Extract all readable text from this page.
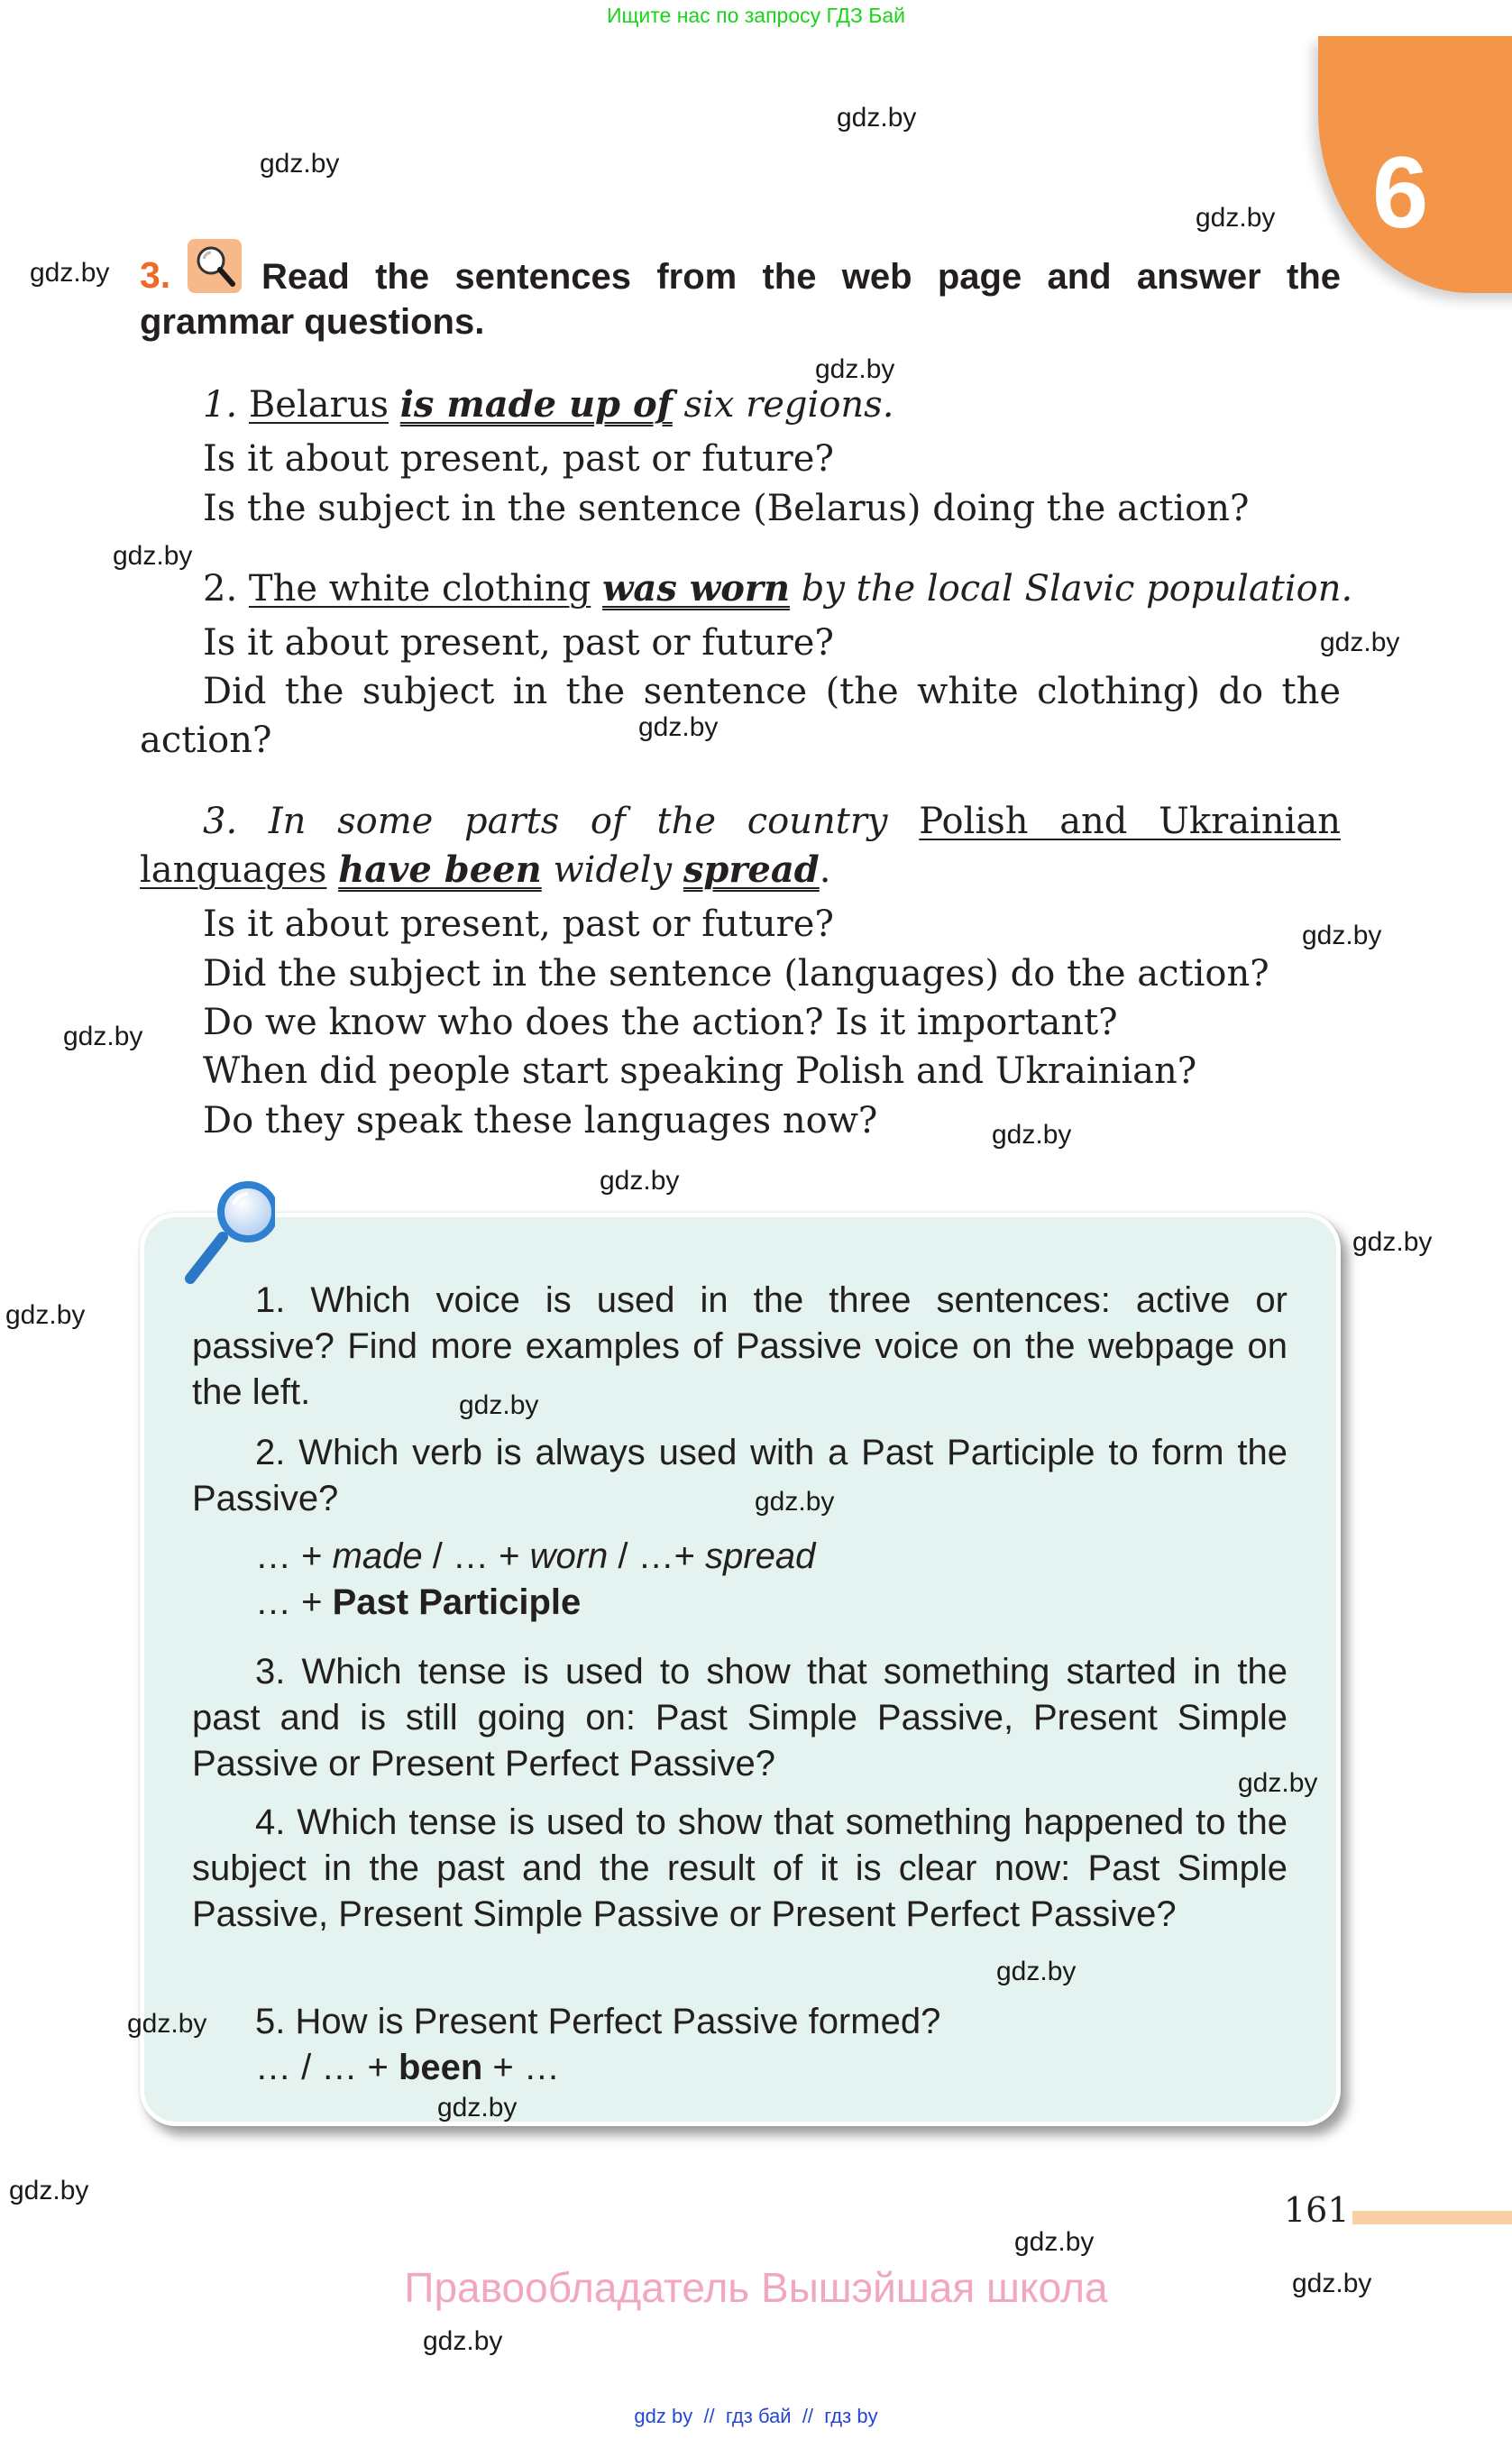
Ищите нас по запросу ГДЗ Бай
gdz.by
gdz.by
gdz.by
gdz.by
gdz.by
gdz.by
gdz.by
gdz.by
gdz.by
gdz.by
gdz.by
gdz.by
gdz.by
gdz.by
6
Read the sentences from the web page and answer the
grammar questions.
3.
1. Belarus is made up of six regions.
Is it about present, past or future?
Is the subject in the sentence (Belarus) doing the action?
2. The white clothing was worn by the local Slavic population.
Is it about present, past or future?
Did the subject in the sentence (the white clothing) do the
action?
3. In some parts of the country Polish and Ukrainian
languages have been widely spread.
Is it about present, past or future?
Did the subject in the sentence (languages) do the action?
Do we know who does the action? Is it important?
When did people start speaking Polish and Ukrainian?
Do they speak these languages now?
1. Which voice is used in the three sentences: active or passive? Find more examples of Passive voice on the webpage on the left.
2. Which verb is always used with a Past Participle to form the Passive?
… + made / … + worn / …+ spread
… + Past Participle
3. Which tense is used to show that something started in the past and is still going on: Past Simple Passive, Present Simple Passive or Present Perfect Passive?
4. Which tense is used to show that something happened to the subject in the past and the result of it is clear now: Past Simple Passive, Present Simple Passive or Present Perfect Passive?
5. How is Present Perfect Passive formed?
… / … + been + …
gdz.by
gdz.by
gdz.by
gdz.by
gdz.by
gdz.by
gdz.by
gdz.by
gdz.by
gdz.by
161
Правообладатель Вышэйшая школа
gdz by  //  гдз бай  //  гдз by
